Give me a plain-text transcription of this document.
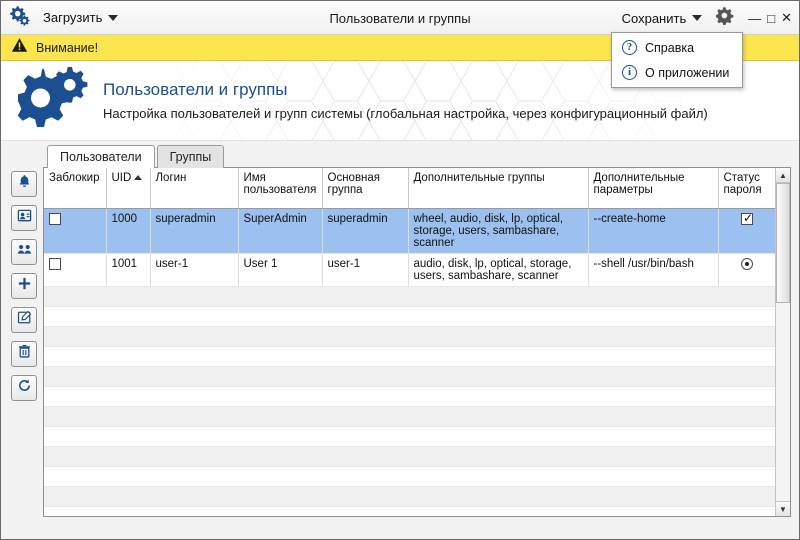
Загрузить	Пользователи и группы	Сохранить	— □ ✕
?	Справка
i	О приложении
Внимание!
Пользователи и группы
Настройка пользователей и групп системы (глобальная настройка, через конфигурационный файл)
Пользователи	Группы
Заблокир	UID	Логин	Имя пользователя	Основная группа	Дополнительные группы	Дополнительные параметры	Статус пароля
	1000	superadmin	SuperAdmin	superadmin	wheel, audio, disk, lp, optical, storage, users, sambashare, scanner	--create-home	✓
	1001	user-1	User 1	user-1	audio, disk, lp, optical, storage, users, sambashare, scanner	--shell /usr/bin/bash	

▲
▼
